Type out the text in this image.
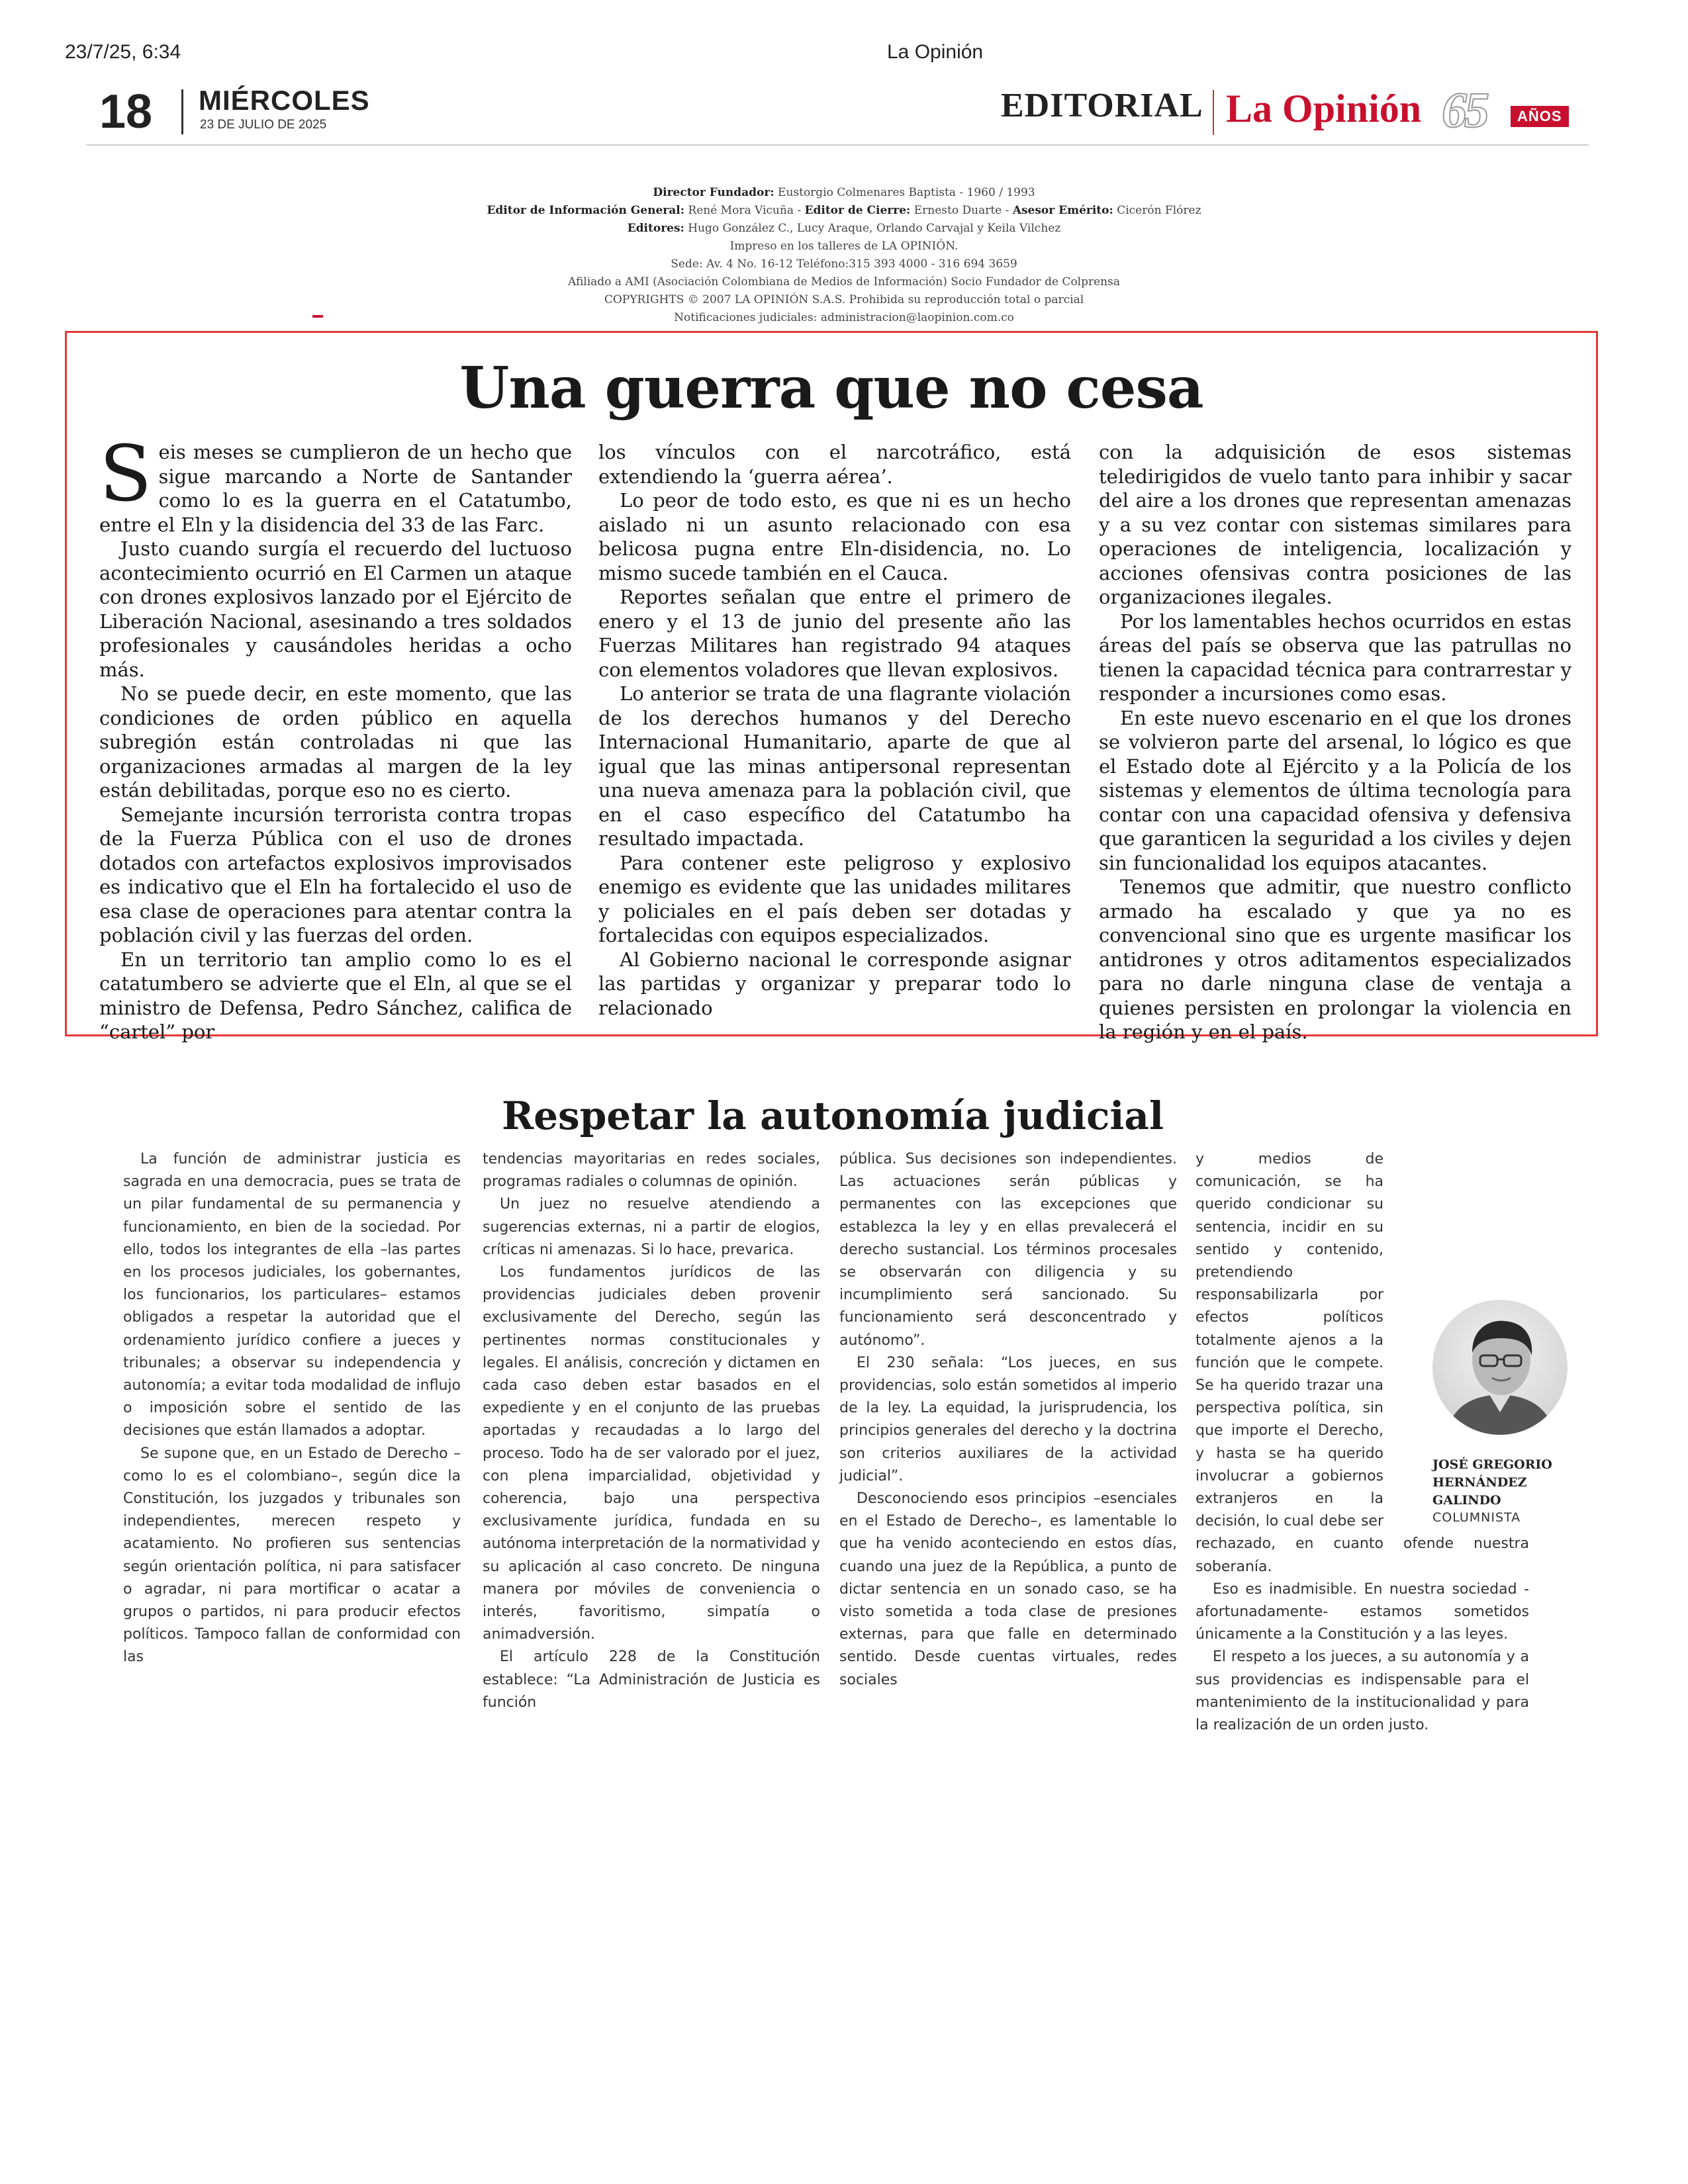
23/7/25, 6:34	La Opinión
18 MIÉRCOLES
23 DE JULIO DE 2025
EDITORIAL La Opinión 65	AÑOS
Director Fundador: Eustorgio Colmenares Baptista - 1960 / 1993
Editor de Información General: René Mora Vicuña - Editor de Cierre: Ernesto Duarte - Asesor Emérito: Cicerón Flórez
Editores: Hugo González C., Lucy Araque, Orlando Carvajal y Keila Vilchez
Impreso en los talleres de LA OPINIÓN.
Sede: Av. 4 No. 16-12 Teléfono:315 393 4000 - 316 694 3659
Afiliado a AMI (Asociación Colombiana de Medios de Información) Socio Fundador de Colprensa
COPYRIGHTS © 2007 LA OPINIÓN S.A.S. Prohibida su reproducción total o parcial
Notificaciones judiciales: administracion@laopinion.com.co
Una guerra que no cesa

Seis meses se cumplieron de un hecho que sigue marcando a Norte de Santander como lo es la guerra en el Catatumbo, entre el Eln y la disidencia del 33 de las Farc.

Justo cuando surgía el recuerdo del luctuoso acontecimiento ocurrió en El Carmen un ataque con drones explosivos lanzado por el Ejército de Liberación Nacional, asesinando a tres soldados profesionales y causándoles heridas a ocho más.

No se puede decir, en este momento, que las condiciones de orden público en aquella subregión están controladas ni que las organizaciones armadas al margen de la ley están debilitadas, porque eso no es cierto.

Semejante incursión terrorista contra tropas de la Fuerza Pública con el uso de drones dotados con artefactos explosivos improvisados es indicativo que el Eln ha fortalecido el uso de esa clase de operaciones para atentar contra la población civil y las fuerzas del orden.

En un territorio tan amplio como lo es el catatumbero se advierte que el Eln, al que se el ministro de Defensa, Pedro Sánchez, califica de “cartel” por

los vínculos con el narcotráfico, está extendiendo la ‘guerra aérea’.

Lo peor de todo esto, es que ni es un hecho aislado ni un asunto relacionado con esa belicosa pugna entre Eln-disidencia, no. Lo mismo sucede también en el Cauca.

Reportes señalan que entre el primero de enero y el 13 de junio del presente año las Fuerzas Militares han registrado 94 ataques con elementos voladores que llevan explosivos.

Lo anterior se trata de una flagrante violación de los derechos humanos y del Derecho Internacional Humanitario, aparte de que al igual que las minas antipersonal representan una nueva amenaza para la población civil, que en el caso específico del Catatumbo ha resultado impactada.

Para contener este peligroso y explosivo enemigo es evidente que las unidades militares y policiales en el país deben ser dotadas y fortalecidas con equipos especializados.

Al Gobierno nacional le corresponde asignar las partidas y organizar y preparar todo lo relacionado

con la adquisición de esos sistemas teledirigidos de vuelo tanto para inhibir y sacar del aire a los drones que representan amenazas y a su vez contar con sistemas similares para operaciones de inteligencia, localización y acciones ofensivas contra posiciones de las organizaciones ilegales.

Por los lamentables hechos ocurridos en estas áreas del país se observa que las patrullas no tienen la capacidad técnica para contrarrestar y responder a incursiones como esas.

En este nuevo escenario en el que los drones se volvieron parte del arsenal, lo lógico es que el Estado dote al Ejército y a la Policía de los sistemas y elementos de última tecnología para contar con una capacidad ofensiva y defensiva que garanticen la seguridad a los civiles y dejen sin funcionalidad los equipos atacantes.

Tenemos que admitir, que nuestro conflicto armado ha escalado y que ya no es convencional sino que es urgente masificar los antidrones y otros aditamentos especializados para no darle ninguna clase de ventaja a quienes persisten en prolongar la violencia en la región y en el país.

Respetar la autonomía judicial

La función de administrar justicia es sagrada en una democracia, pues se trata de un pilar fundamental de su permanencia y funcionamiento, en bien de la sociedad. Por ello, todos los integrantes de ella –las partes en los procesos judiciales, los gobernantes, los funcionarios, los particulares– estamos obligados a respetar la autoridad que el ordenamiento jurídico confiere a jueces y tribunales; a observar su independencia y autonomía; a evitar toda modalidad de influjo o imposición sobre el sentido de las decisiones que están llamados a adoptar.

Se supone que, en un Estado de Derecho –como lo es el colombiano–, según dice la Constitución, los juzgados y tribunales son independientes, merecen respeto y acatamiento. No profieren sus sentencias según orientación política, ni para satisfacer o agradar, ni para mortificar o acatar a grupos o partidos, ni para producir efectos políticos. Tampoco fallan de conformidad con las

tendencias mayoritarias en redes sociales, programas radiales o columnas de opinión.

Un juez no resuelve atendiendo a sugerencias externas, ni a partir de elogios, críticas ni amenazas. Si lo hace, prevarica.

Los fundamentos jurídicos de las providencias judiciales deben provenir exclusivamente del Derecho, según las pertinentes normas constitucionales y legales. El análisis, concreción y dictamen en cada caso deben estar basados en el expediente y en el conjunto de las pruebas aportadas y recaudadas a lo largo del proceso. Todo ha de ser valorado por el juez, con plena imparcialidad, objetividad y coherencia, bajo una perspectiva exclusivamente jurídica, fundada en su autónoma interpretación de la normatividad y su aplicación al caso concreto. De ninguna manera por móviles de conveniencia o interés, favoritismo, simpatía o animadversión.

El artículo 228 de la Constitución establece: “La Administración de Justicia es función

pública. Sus decisiones son independientes. Las actuaciones serán públicas y permanentes con las excepciones que establezca la ley y en ellas prevalecerá el derecho sustancial. Los términos procesales se observarán con diligencia y su incumplimiento será sancionado. Su funcionamiento será desconcentrado y autónomo”.

El 230 señala: “Los jueces, en sus providencias, solo están sometidos al imperio de la ley. La equidad, la jurisprudencia, los principios generales del derecho y la doctrina son criterios auxiliares de la actividad judicial”.

Desconociendo esos principios –esenciales en el Estado de Derecho–, es lamentable lo que ha venido aconteciendo en estos días, cuando una juez de la República, a punto de dictar sentencia en un sonado caso, se ha visto sometida a toda clase de presiones externas, para que falle en determinado sentido. Desde cuentas virtuales, redes sociales

y medios de comunicación, se ha querido condicionar su sentencia, incidir en su sentido y contenido, pretendiendo responsabilizarla por efectos políticos totalmente ajenos a la función que le compete. Se ha querido trazar una perspectiva política, sin que importe el Derecho, y hasta se ha querido involucrar a gobiernos extranjeros en la decisión, lo cual debe ser rechazado, en cuanto ofende nuestra soberanía.

Eso es inadmisible. En nuestra sociedad -afortunadamente- estamos sometidos únicamente a la Constitución y a las leyes.

El respeto a los jueces, a su autonomía y a sus providencias es indispensable para el mantenimiento de la institucionalidad y para la realización de un orden justo.

JOSÉ GREGORIO HERNÁNDEZ GALINDO
COLUMNISTA
